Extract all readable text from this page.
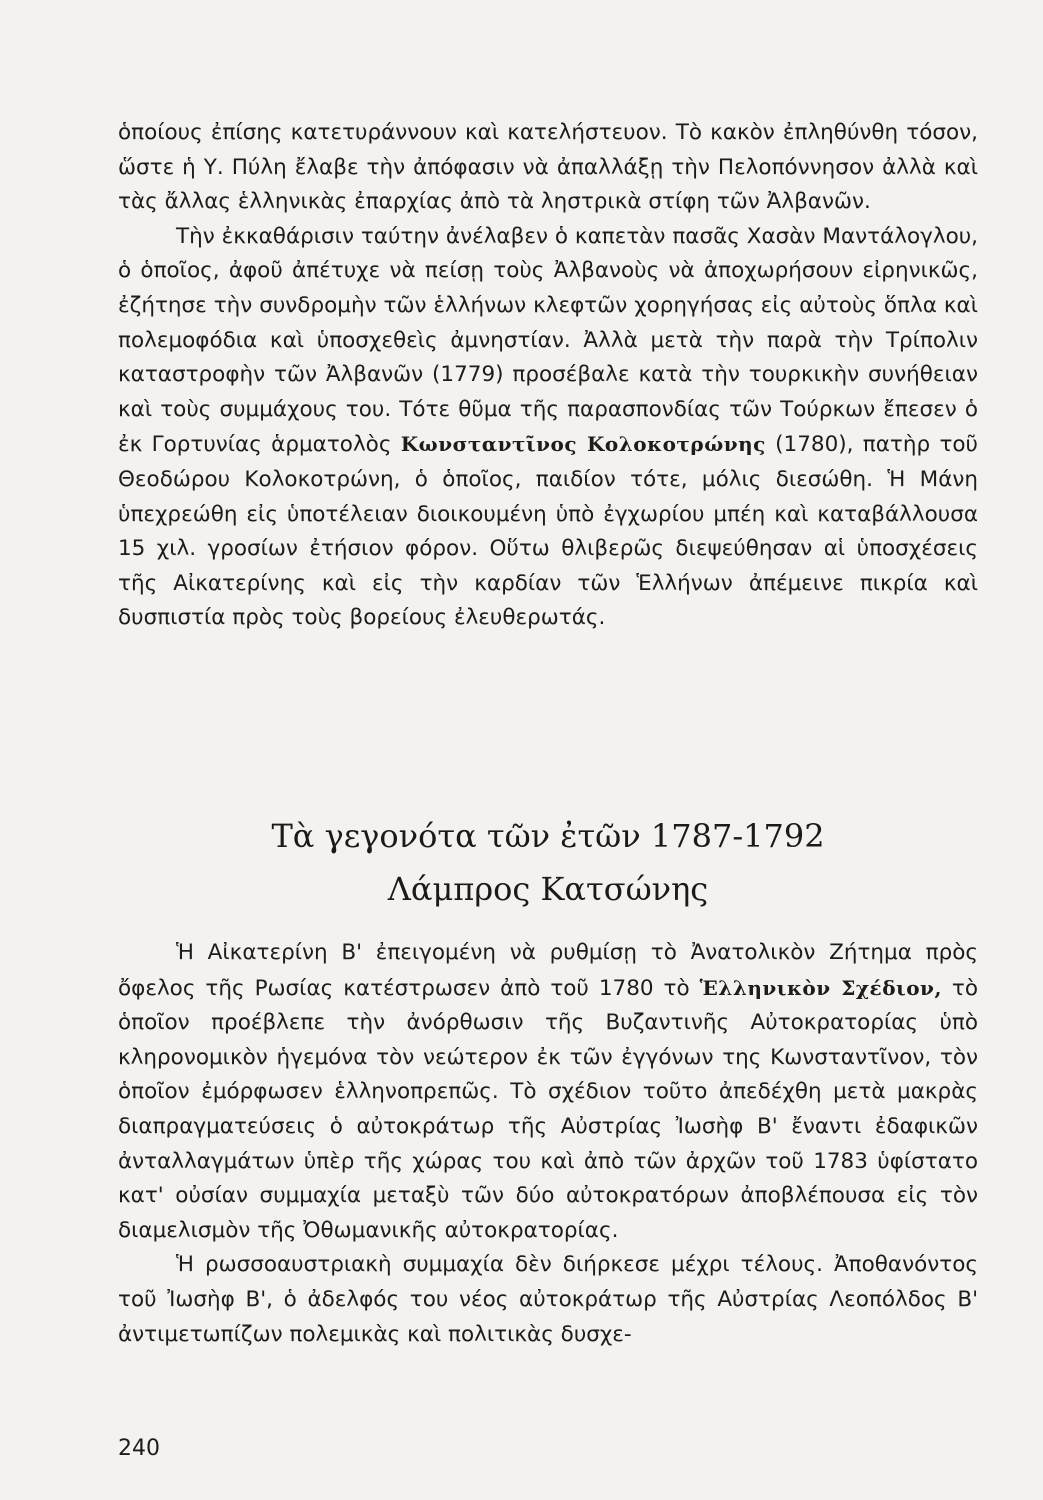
ὁποίους ἐπίσης κατετυράννουν καὶ κατελήστευον. Τὸ κακὸν ἐπληθύνθη τόσον, ὥστε ἡ Υ. Πύλη ἔλαβε τὴν ἀπόφασιν νὰ ἀπαλλάξῃ τὴν Πελοπόννησον ἀλλὰ καὶ τὰς ἄλλας ἑλληνικὰς ἐπαρχίας ἀπὸ τὰ ληστρικὰ στίφη τῶν Ἀλβανῶν.

Τὴν ἐκκαθάρισιν ταύτην ἀνέλαβεν ὁ καπετὰν πασᾶς Χασὰν Μαντάλογλου, ὁ ὁποῖος, ἀφοῦ ἀπέτυχε νὰ πείσῃ τοὺς Ἀλβανοὺς νὰ ἀποχωρήσουν εἰρηνικῶς, ἐζήτησε τὴν συνδρομὴν τῶν ἑλλήνων κλεφτῶν χορηγήσας εἰς αὐτοὺς ὅπλα καὶ πολεμοφόδια καὶ ὑποσχεθεὶς ἀμνηστίαν. Ἀλλὰ μετὰ τὴν παρὰ τὴν Τρίπολιν καταστροφὴν τῶν Ἀλβανῶν (1779) προσέβαλε κατὰ τὴν τουρκικὴν συνήθειαν καὶ τοὺς συμμάχους του. Τότε θῦμα τῆς παρασπονδίας τῶν Τούρκων ἔπεσεν ὁ ἐκ Γορτυνίας ἁρματολὸς Κωνσταντῖνος Κολοκοτρώνης (1780), πατὴρ τοῦ Θεοδώρου Κολοκοτρώνη, ὁ ὁποῖος, παιδίον τότε, μόλις διεσώθη. Ἡ Μάνη ὑπεχρεώθη εἰς ὑποτέλειαν διοικουμένη ὑπὸ ἐγχωρίου μπέη καὶ καταβάλλουσα 15 χιλ. γροσίων ἐτήσιον φόρον. Οὕτω θλιβερῶς διεψεύθησαν αἱ ὑποσχέσεις τῆς Αἰκατερίνης καὶ εἰς τὴν καρδίαν τῶν Ἑλλήνων ἀπέμεινε πικρία καὶ δυσπιστία πρὸς τοὺς βορείους ἐλευθερωτάς.

Τὰ γεγονότα τῶν ἐτῶν 1787-1792
Λάμπρος Κατσώνης

Ἡ Αἰκατερίνη Β' ἐπειγομένη νὰ ρυθμίσῃ τὸ Ἀνατολικὸν Ζήτημα πρὸς ὄφελος τῆς Ρωσίας κατέστρωσεν ἀπὸ τοῦ 1780 τὸ Ἑλληνικὸν Σχέδιον, τὸ ὁποῖον προέβλεπε τὴν ἀνόρθωσιν τῆς Βυζαντινῆς Αὐτοκρατορίας ὑπὸ κληρονομικὸν ἡγεμόνα τὸν νεώτερον ἐκ τῶν ἐγγόνων της Κωνσταντῖνον, τὸν ὁποῖον ἐμόρφωσεν ἑλληνοπρεπῶς. Τὸ σχέδιον τοῦτο ἀπεδέχθη μετὰ μακρὰς διαπραγματεύσεις ὁ αὐτοκράτωρ τῆς Αὐστρίας Ἰωσὴφ Β' ἔναντι ἐδαφικῶν ἀνταλλαγμάτων ὑπὲρ τῆς χώρας του καὶ ἀπὸ τῶν ἀρχῶν τοῦ 1783 ὑφίστατο κατ' οὐσίαν συμμαχία μεταξὺ τῶν δύο αὐτοκρατόρων ἀποβλέπουσα εἰς τὸν διαμελισμὸν τῆς Ὀθωμανικῆς αὐτοκρατορίας.

Ἡ ρωσσοαυστριακὴ συμμαχία δὲν διήρκεσε μέχρι τέλους. Ἀποθανόντος τοῦ Ἰωσὴφ Β', ὁ ἀδελφός του νέος αὐτοκράτωρ τῆς Αὐστρίας Λεοπόλδος Β' ἀντιμετωπίζων πολεμικὰς καὶ πολιτικὰς δυσχε-

240
